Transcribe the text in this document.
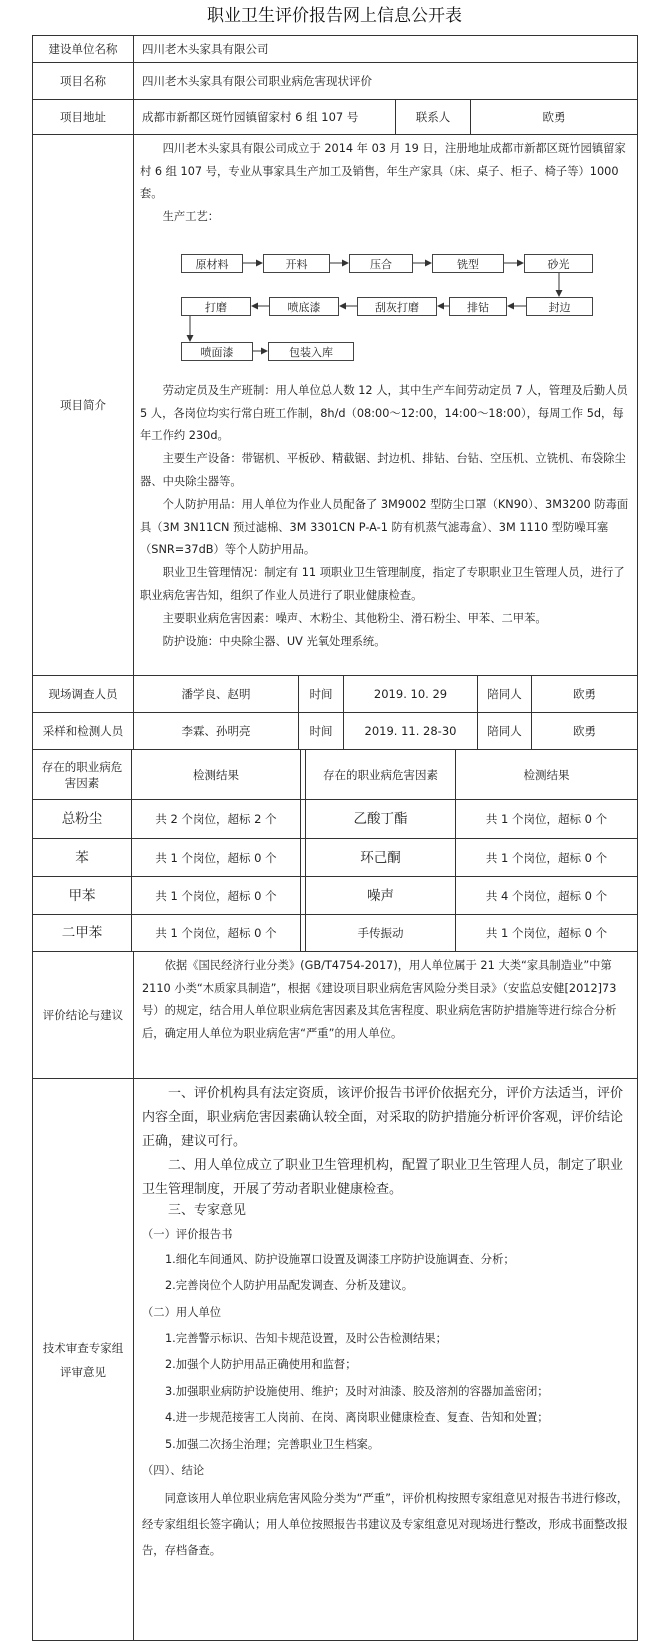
职业卫生评价报告网上信息公开表
建设单位名称	四川老木头家具有限公司
项目名称	四川老木头家具有限公司职业病危害现状评价
项目地址	成都市新都区斑竹园镇留家村 6 组 107 号	联系人	欧勇
项目简介

四川老木头家具有限公司成立于 2014 年 03 月 19 日，注册地址成都市新都区斑竹园镇留家村 6 组 107 号，专业从事家具生产加工及销售，年生产家具（床、桌子、柜子、椅子等）1000 套。

生产工艺：

原材料	开料	压合	铣型	砂光
打磨	喷底漆	刮灰打磨	排钻	封边
喷面漆	包装入库

劳动定员及生产班制：用人单位总人数 12 人，其中生产车间劳动定员 7 人，管理及后勤人员 5 人，各岗位均实行常白班工作制，8h/d（08:00～12:00，14:00～18:00），每周工作 5d，每年工作约 230d。

主要生产设备：带锯机、平板砂、精截锯、封边机、排钻、台钻、空压机、立铣机、布袋除尘器、中央除尘器等。

个人防护用品：用人单位为作业人员配备了 3M9002 型防尘口罩（KN90）、3M3200 防毒面具（3M 3N11CN 预过滤棉、3M 3301CN P-A-1 防有机蒸气滤毒盒）、3M 1110 型防噪耳塞（SNR=37dB）等个人防护用品。

职业卫生管理情况：制定有 11 项职业卫生管理制度，指定了专职职业卫生管理人员，进行了职业病危害告知，组织了作业人员进行了职业健康检查。

主要职业病危害因素：噪声、木粉尘、其他粉尘、滑石粉尘、甲苯、二甲苯。

防护设施：中央除尘器、UV 光氧处理系统。

现场调查人员	潘学良、赵明	时间	2019. 10. 29	陪同人	欧勇
采样和检测人员	李霖、孙明亮	时间	2019. 11. 28-30	陪同人	欧勇
存在的职业病危害因素
检测结果	存在的职业病危害因素	检测结果
总粉尘	共 2 个岗位，超标 2 个	乙酸丁酯	共 1 个岗位，超标 0 个
苯	共 1 个岗位，超标 0 个	环己酮	共 1 个岗位，超标 0 个
甲苯	共 1 个岗位，超标 0 个	噪声	共 4 个岗位，超标 0 个
二甲苯	共 1 个岗位，超标 0 个	手传振动	共 1 个岗位，超标 0 个
评价结论与建议

依据《国民经济行业分类》(GB/T4754-2017)，用人单位属于 21 大类“家具制造业”中第 2110 小类“木质家具制造”，根据《建设项目职业病危害风险分类目录》（安监总安健[2012]73 号）的规定，结合用人单位职业病危害因素及其危害程度、职业病危害防护措施等进行综合分析后，确定用人单位为职业病危害“严重”的用人单位。

技术审查专家组评审意见

一、评价机构具有法定资质，该评价报告书评价依据充分，评价方法适当，评价内容全面，职业病危害因素确认较全面，对采取的防护措施分析评价客观，评价结论正确，建议可行。

二、用人单位成立了职业卫生管理机构，配置了职业卫生管理人员，制定了职业卫生管理制度，开展了劳动者职业健康检查。

三、专家意见

（一）评价报告书

1.细化车间通风、防护设施罩口设置及调漆工序防护设施调查、分析；

2.完善岗位个人防护用品配发调查、分析及建议。

（二）用人单位

1.完善警示标识、告知卡规范设置，及时公告检测结果；

2.加强个人防护用品正确使用和监督；

3.加强职业病防护设施使用、维护；及时对油漆、胶及溶剂的容器加盖密闭；

4.进一步规范接害工人岗前、在岗、离岗职业健康检查、复查、告知和处置；

5.加强二次扬尘治理；完善职业卫生档案。

（四）、结论

同意该用人单位职业病危害风险分类为“严重”，评价机构按照专家组意见对报告书进行修改，经专家组组长签字确认；用人单位按照报告书建议及专家组意见对现场进行整改，形成书面整改报告，存档备查。
